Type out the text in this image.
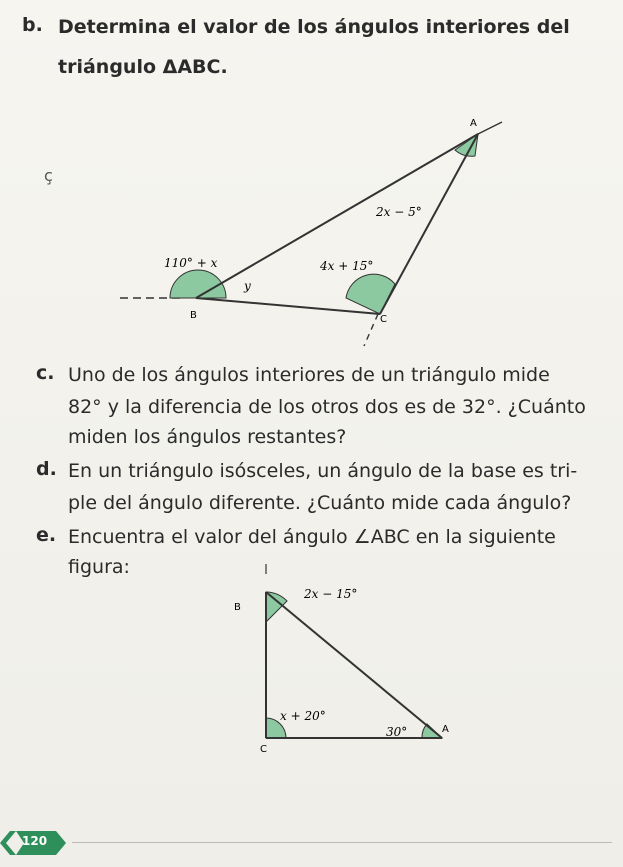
b. Determina el valor de los ángulos interiores del
triángulo ΔABC.
ç
A
B	C
2x − 5°
110° + x
y
4x + 15°
c. Uno de los ángulos interiores de un triángulo mide
82° y la diferencia de los otros dos es de 32°. ¿Cuánto
miden los ángulos restantes?
d. En un triángulo isósceles, un ángulo de la base es tri-
ple del ángulo diferente. ¿Cuánto mide cada ángulo?
e. Encuentra el valor del ángulo ∠ABC en la siguiente
figura:
B
C
A
2x − 15°
x + 20°
30°
120
